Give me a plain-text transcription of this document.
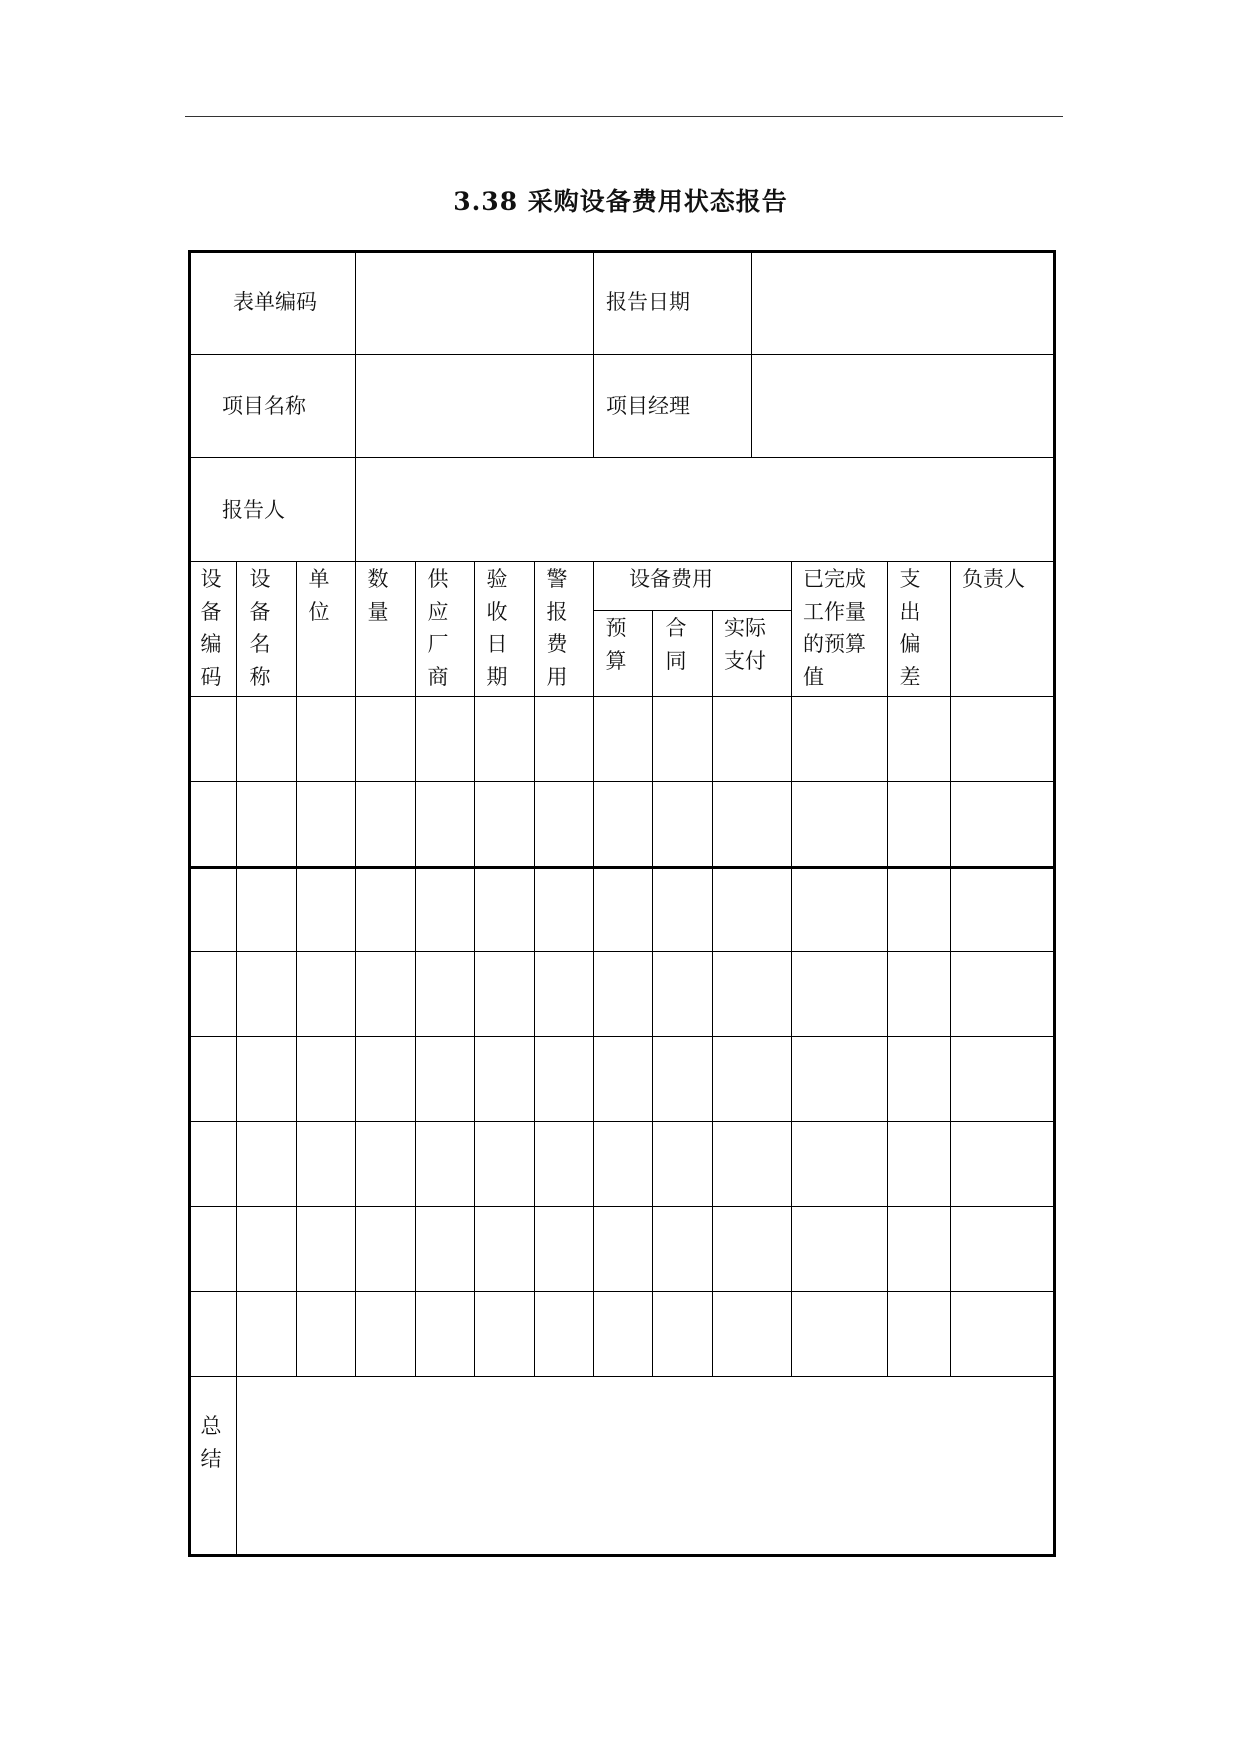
3.38 采购设备费用状态报告
表单编码	报告日期
项目名称	项目经理
报告人
设备编码
设备名称
单位
数量
供应厂商
验收日期
警报费用
设备费用
预算
合同
实际
支付
已完成
工作量
的预算
值
支出偏差
负责人
总结
